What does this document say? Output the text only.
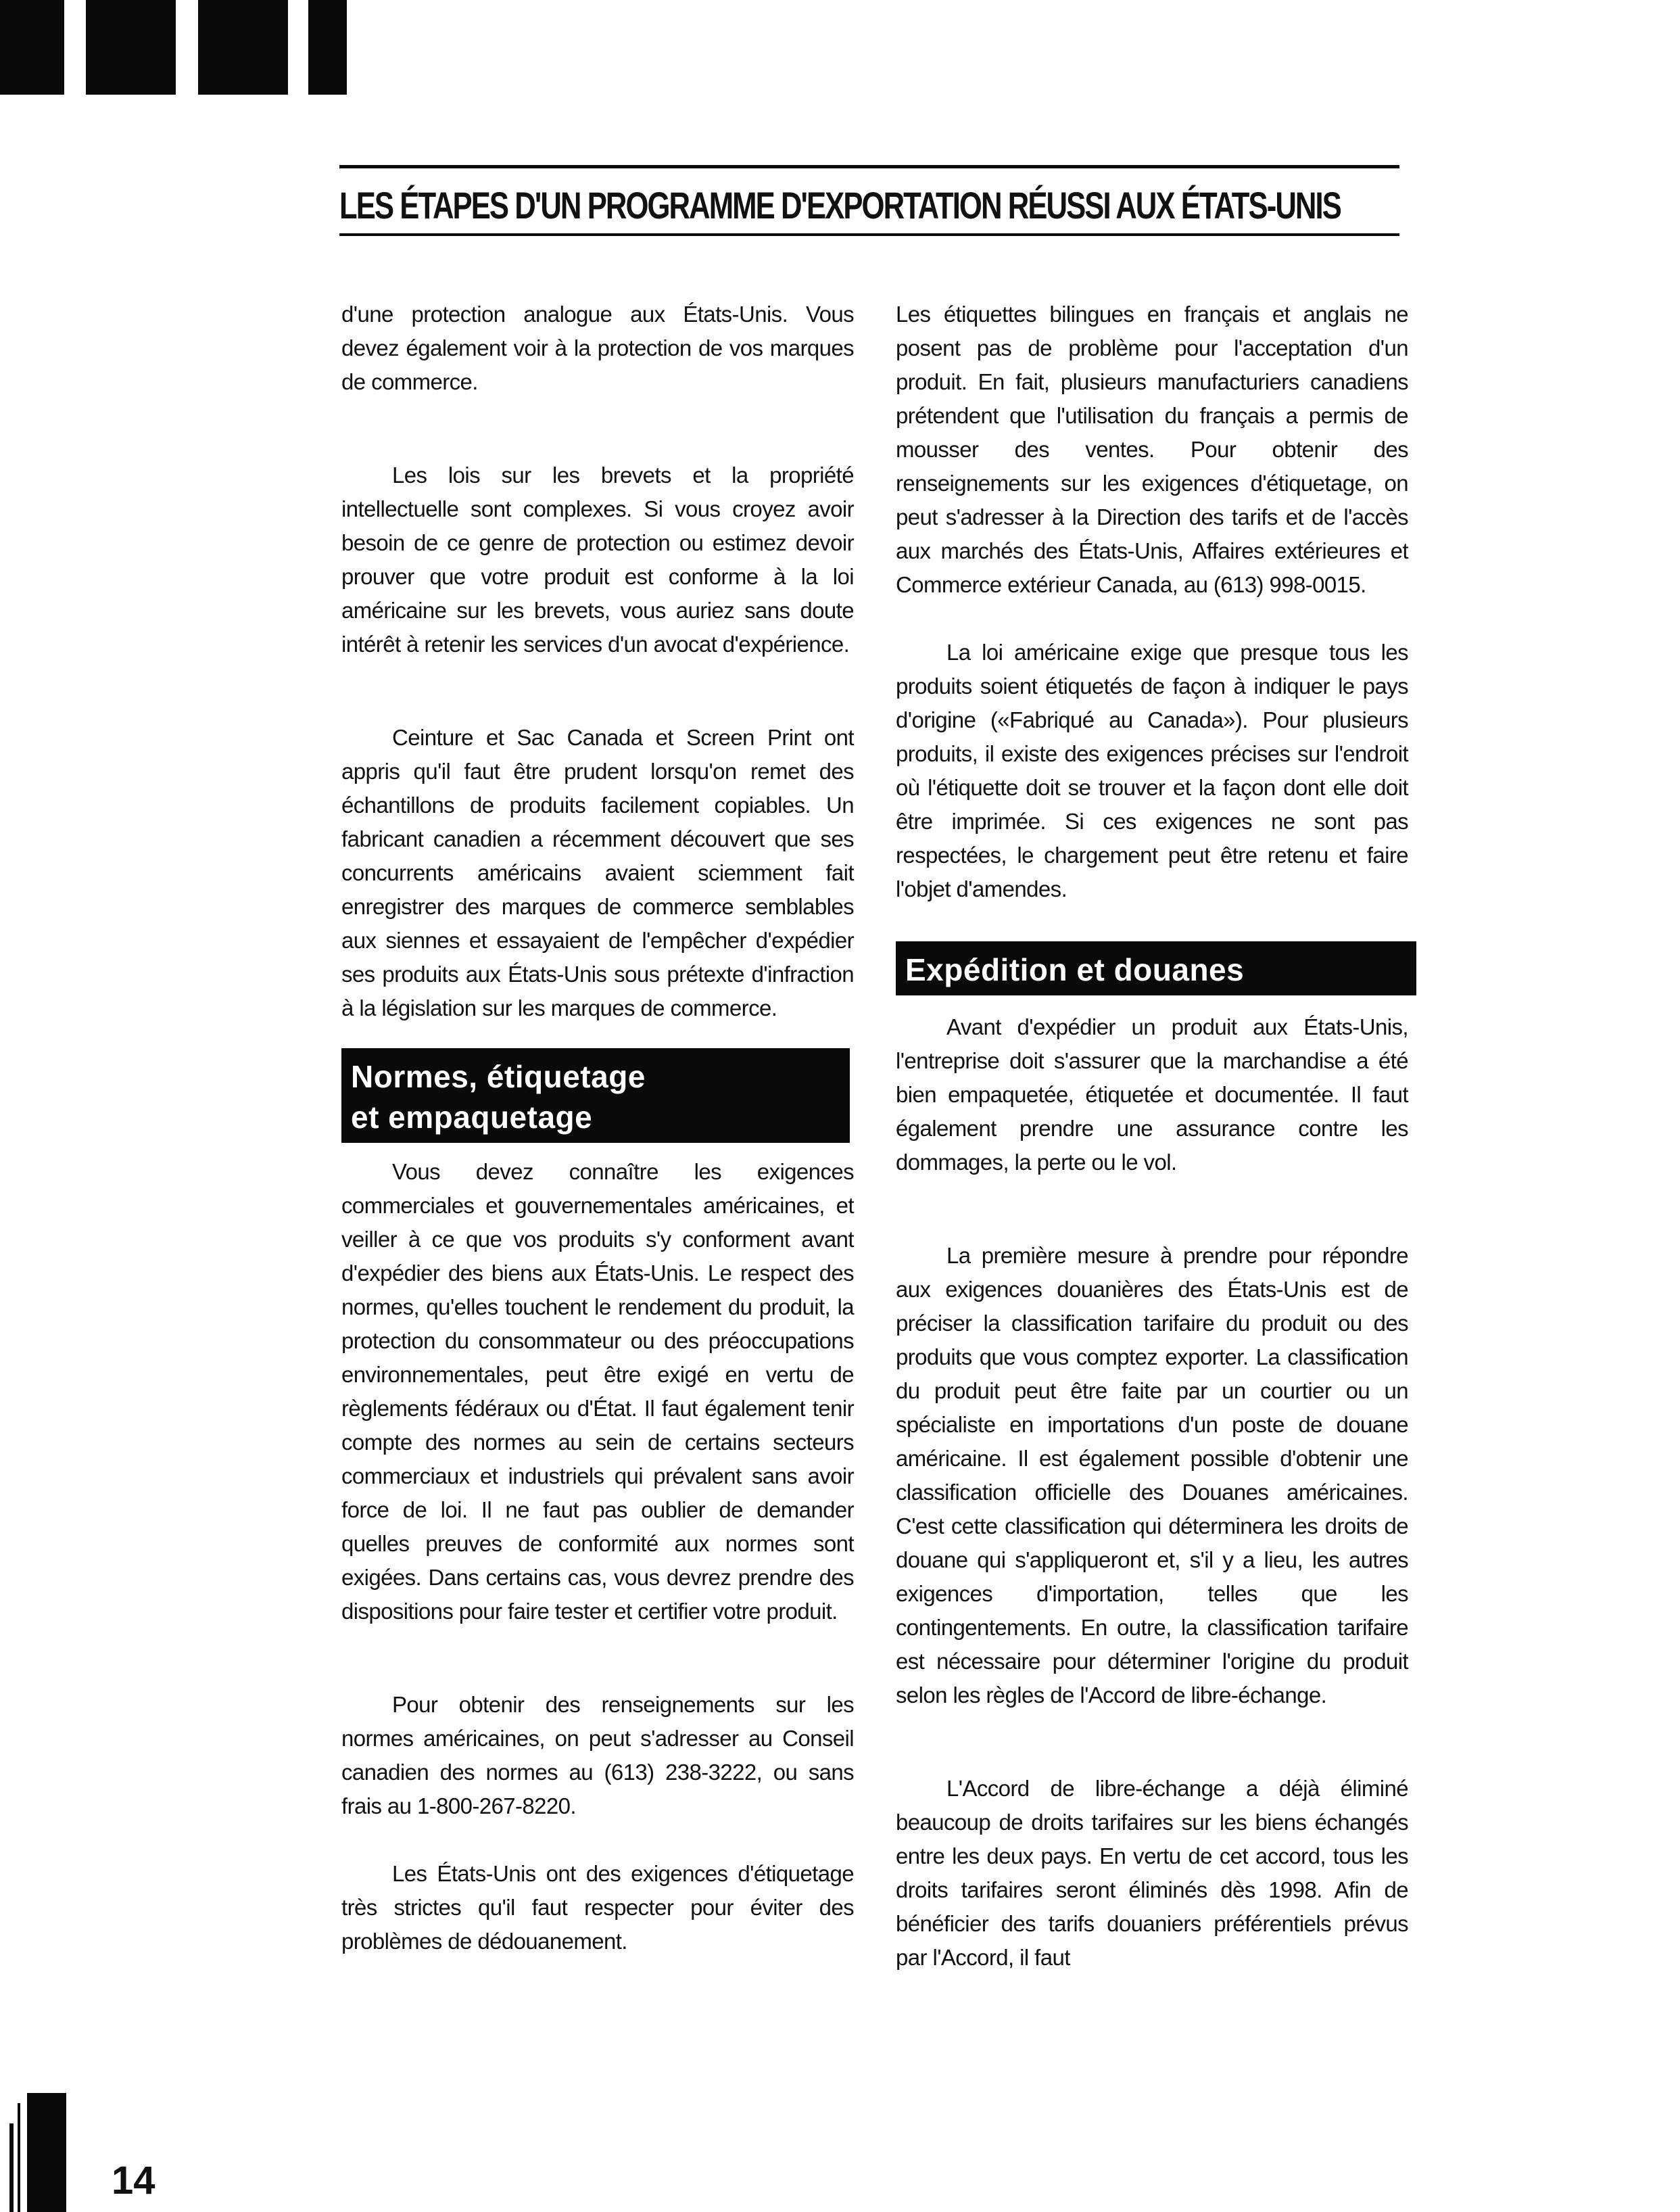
LES ÉTAPES D'UN PROGRAMME D'EXPORTATION RÉUSSI AUX ÉTATS-UNIS

d'une protection analogue aux États-Unis. Vous devez également voir à la protection de vos marques de commerce.

Les lois sur les brevets et la propriété intellectuelle sont complexes. Si vous croyez avoir besoin de ce genre de protection ou estimez devoir prouver que votre produit est conforme à la loi américaine sur les brevets, vous auriez sans doute intérêt à retenir les services d'un avocat d'expérience.

Ceinture et Sac Canada et Screen Print ont appris qu'il faut être prudent lorsqu'on remet des échantillons de produits facilement copiables. Un fabricant canadien a récemment découvert que ses concurrents américains avaient sciemment fait enregistrer des marques de commerce semblables aux siennes et essayaient de l'empêcher d'expédier ses produits aux États-Unis sous prétexte d'infraction à la législation sur les marques de commerce.

Normes, étiquetage
et empaquetage

Vous devez connaître les exigences commerciales et gouvernementales américaines, et veiller à ce que vos produits s'y conforment avant d'expédier des biens aux États-Unis. Le respect des normes, qu'elles touchent le rendement du produit, la protection du consommateur ou des préoccupations environnementales, peut être exigé en vertu de règlements fédéraux ou d'État. Il faut également tenir compte des normes au sein de certains secteurs commerciaux et industriels qui prévalent sans avoir force de loi. Il ne faut pas oublier de demander quelles preuves de conformité aux normes sont exigées. Dans certains cas, vous devrez prendre des dispositions pour faire tester et certifier votre produit.

Pour obtenir des renseignements sur les normes américaines, on peut s'adresser au Conseil canadien des normes au (613) 238-3222, ou sans frais au 1-800-267-8220.

Les États-Unis ont des exigences d'étiquetage très strictes qu'il faut respecter pour éviter des problèmes de dédouanement.

Les étiquettes bilingues en français et anglais ne posent pas de problème pour l'acceptation d'un produit. En fait, plusieurs manufacturiers canadiens prétendent que l'utilisation du français a permis de mousser des ventes. Pour obtenir des renseignements sur les exigences d'étiquetage, on peut s'adresser à la Direction des tarifs et de l'accès aux marchés des États-Unis, Affaires extérieures et Commerce extérieur Canada, au (613) 998-0015.

La loi américaine exige que presque tous les produits soient étiquetés de façon à indiquer le pays d'origine («Fabriqué au Canada»). Pour plusieurs produits, il existe des exigences précises sur l'endroit où l'étiquette doit se trouver et la façon dont elle doit être imprimée. Si ces exigences ne sont pas respectées, le chargement peut être retenu et faire l'objet d'amendes.

Expédition et douanes

Avant d'expédier un produit aux États-Unis, l'entreprise doit s'assurer que la marchandise a été bien empaquetée, étiquetée et documentée. Il faut également prendre une assurance contre les dommages, la perte ou le vol.

La première mesure à prendre pour répondre aux exigences douanières des États-Unis est de préciser la classification tarifaire du produit ou des produits que vous comptez exporter. La classification du produit peut être faite par un courtier ou un spécialiste en importations d'un poste de douane américaine. Il est également possible d'obtenir une classification officielle des Douanes américaines. C'est cette classification qui déterminera les droits de douane qui s'appliqueront et, s'il y a lieu, les autres exigences d'importation, telles que les contingentements. En outre, la classification tarifaire est nécessaire pour déterminer l'origine du produit selon les règles de l'Accord de libre-échange.

L'Accord de libre-échange a déjà éliminé beaucoup de droits tarifaires sur les biens échangés entre les deux pays. En vertu de cet accord, tous les droits tarifaires seront éliminés dès 1998. Afin de bénéficier des tarifs douaniers préférentiels prévus par l'Accord, il faut

14
